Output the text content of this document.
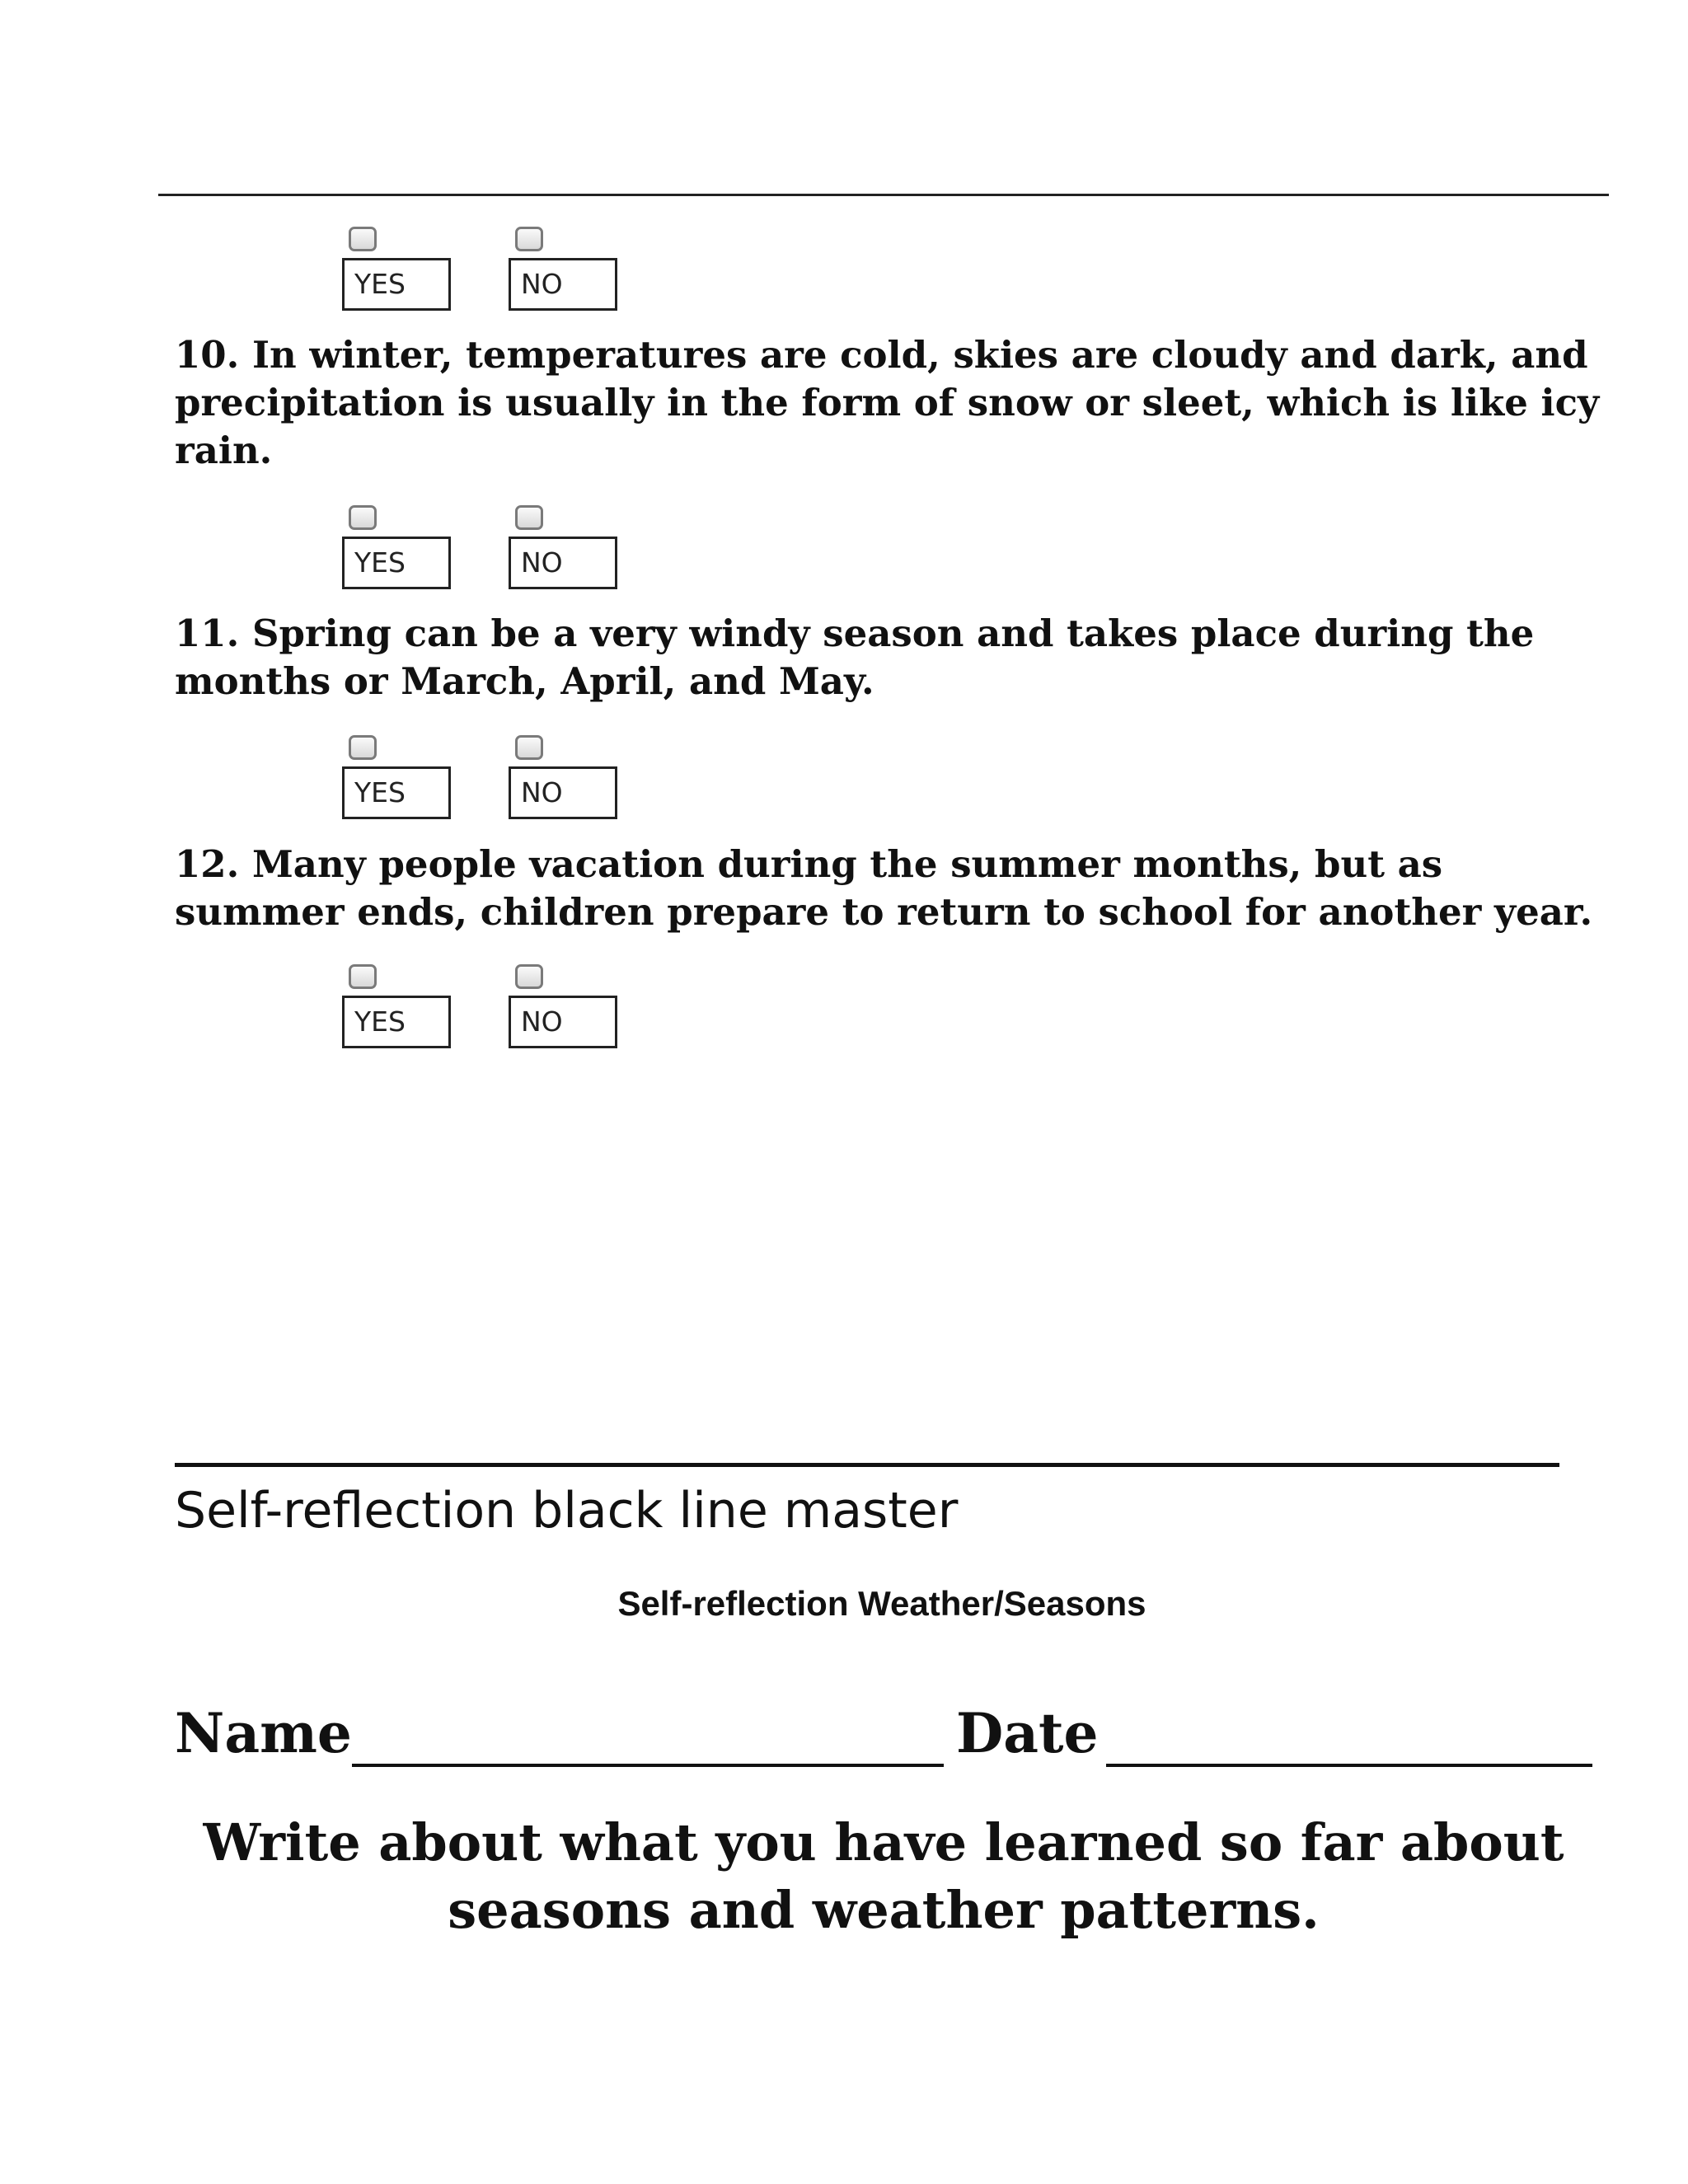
YES	NO

10. In winter, temperatures are cold, skies are cloudy and dark, and precipitation is usually in the form of snow or sleet, which is like icy rain.

YES	NO

11. Spring can be a very windy season and takes place during the months or March, April, and May.

YES	NO

12. Many people vacation during the summer months, but as summer ends, children prepare to return to school for another year.

YES	NO
Self-reflection black line master
Self-reflection Weather/Seasons
Name	Date

Write about what you have learned so far about seasons and weather patterns.
